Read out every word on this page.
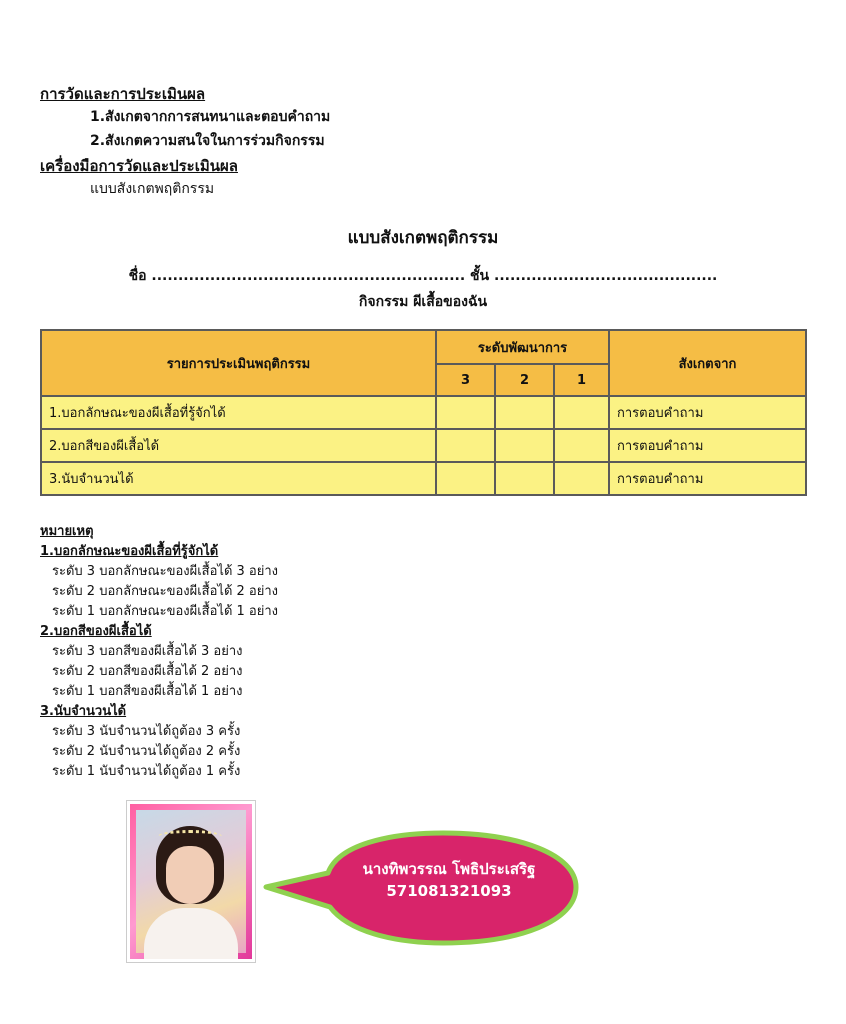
การวัดและการประเมินผล
1.สังเกตจากการสนทนาและตอบคำถาม
2.สังเกตความสนใจในการร่วมกิจกรรม
เครื่องมือการวัดและประเมินผล
แบบสังเกตพฤติกรรม
แบบสังเกตพฤติกรรม
ชื่อ ........................................................... ชั้น ..........................................
กิจกรรม ผีเสื้อของฉัน
รายการประเมินพฤติกรรม	ระดับพัฒนาการ			สังเกตจาก
	3	2	1	
1.บอกลักษณะของผีเสื้อที่รู้จักได้				การตอบคำถาม
2.บอกสีของผีเสื้อได้				การตอบคำถาม
3.นับจำนวนได้				การตอบคำถาม
หมายเหตุ
1.บอกลักษณะของผีเสื้อที่รู้จักได้
ระดับ 3 บอกลักษณะของผีเสื้อได้ 3 อย่าง
ระดับ 2 บอกลักษณะของผีเสื้อได้ 2 อย่าง
ระดับ 1 บอกลักษณะของผีเสื้อได้ 1 อย่าง
2.บอกสีของผีเสื้อได้
ระดับ 3 บอกสีของผีเสื้อได้ 3 อย่าง
ระดับ 2 บอกสีของผีเสื้อได้ 2 อย่าง
ระดับ 1 บอกสีของผีเสื้อได้ 1 อย่าง
3.นับจำนวนได้
ระดับ 3 นับจำนวนได้ถูต้อง 3 ครั้ง
ระดับ 2 นับจำนวนได้ถูต้อง 2 ครั้ง
ระดับ 1 นับจำนวนได้ถูต้อง 1 ครั้ง
นางทิพวรรณ โพธิประเสริฐ
571081321093
